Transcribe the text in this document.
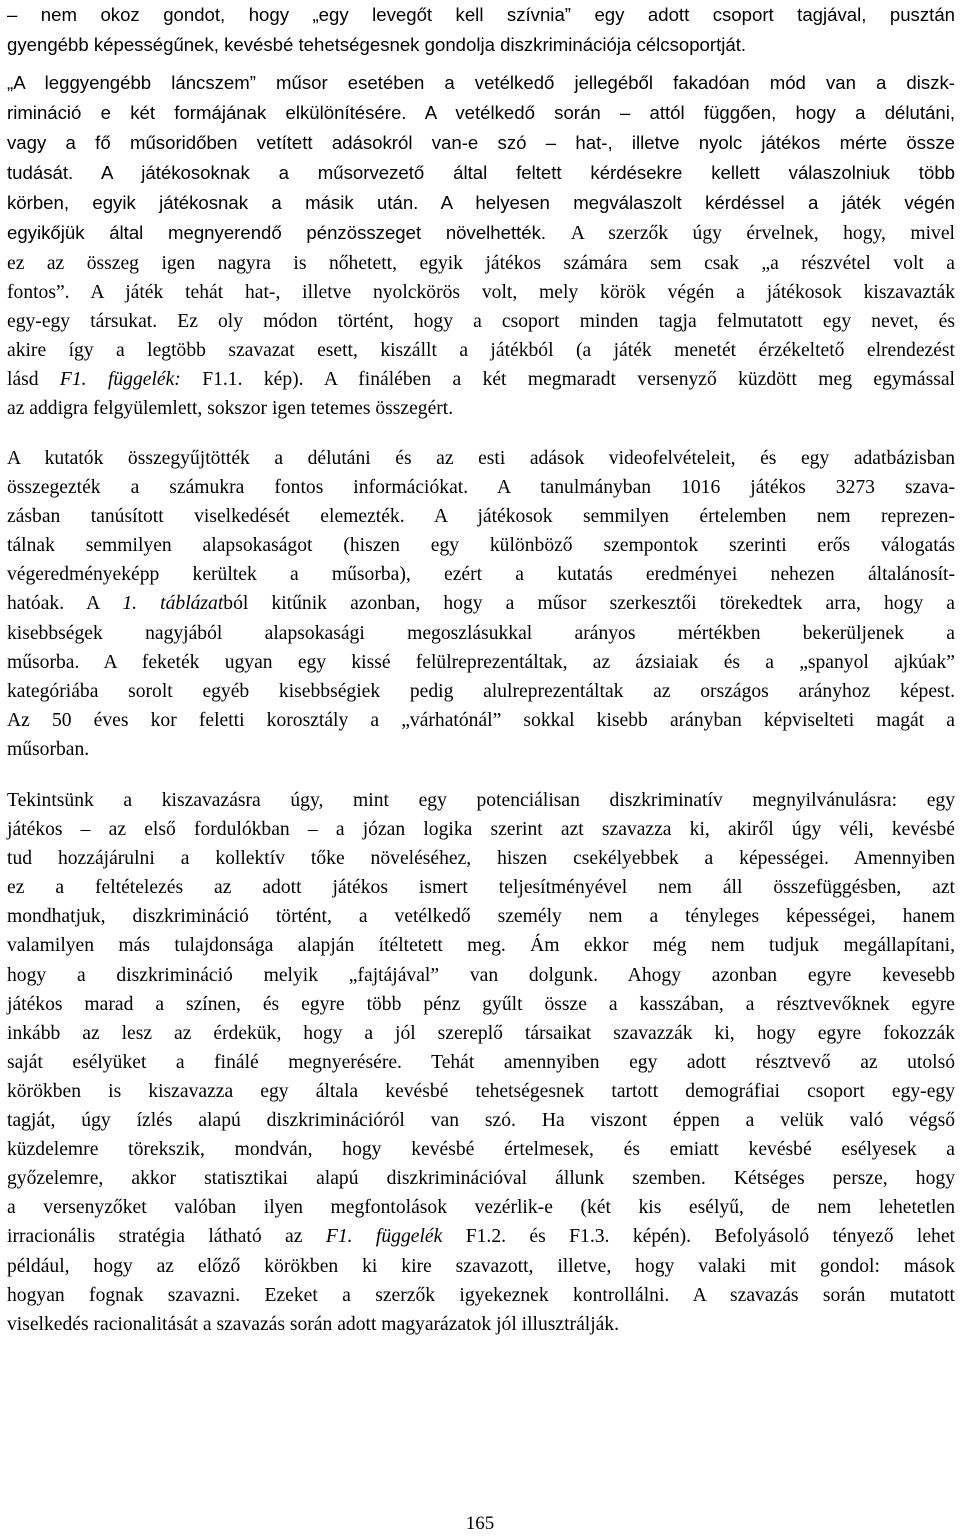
– nem okoz gondot, hogy „egy levegőt kell szívnia” egy adott csoport tagjával, pusztán
gyengébb képességűnek, kevésbé tehetségesnek gondolja diszkriminációja célcsoportját.
„A leggyengébb láncszem” műsor esetében a vetélkedő jellegéből fakadóan mód van a diszk-
rimináció e két formájának elkülönítésére. A vetélkedő során – attól függően, hogy a délutáni,
vagy a fő műsoridőben vetített adásokról van-e szó – hat-, illetve nyolc játékos mérte össze
tudását. A játékosoknak a műsorvezető által feltett kérdésekre kellett válaszolniuk több
körben, egyik játékosnak a másik után. A helyesen megválaszolt kérdéssel a játék végén
egyikőjük által megnyerendő pénzösszeget növelhették. A szerzők úgy érvelnek, hogy, mivel
ez az összeg igen nagyra is nőhetett, egyik játékos számára sem csak „a részvétel volt a
fontos”. A játék tehát hat-, illetve nyolckörös volt, mely körök végén a játékosok kiszavazták
egy-egy társukat. Ez oly módon történt, hogy a csoport minden tagja felmutatott egy nevet, és
akire így a legtöbb szavazat esett, kiszállt a játékból (a játék menetét érzékeltető elrendezést
lásd F1. függelék: F1.1. kép). A finálében a két megmaradt versenyző küzdött meg egymással
az addigra felgyülemlett, sokszor igen tetemes összegért.
A kutatók összegyűjtötték a délutáni és az esti adások videofelvételeit, és egy adatbázisban
összegezték a számukra fontos információkat. A tanulmányban 1016 játékos 3273 szava-
zásban tanúsított viselkedését elemezték. A játékosok semmilyen értelemben nem reprezen-
tálnak semmilyen alapsokaságot (hiszen egy különböző szempontok szerinti erős válogatás
végeredményeképp kerültek a műsorba), ezért a kutatás eredményei nehezen általánosít-
hatóak. A 1. táblázatból kitűnik azonban, hogy a műsor szerkesztői törekedtek arra, hogy a
kisebbségek nagyjából alapsokasági megoszlásukkal arányos mértékben bekerüljenek a
műsorba. A feketék ugyan egy kissé felülreprezentáltak, az ázsiaiak és a „spanyol ajkúak”
kategóriába sorolt egyéb kisebbségiek pedig alulreprezentáltak az országos arányhoz képest.
Az 50 éves kor feletti korosztály a „várhatónál” sokkal kisebb arányban képviselteti magát a
műsorban.
Tekintsünk a kiszavazásra úgy, mint egy potenciálisan diszkriminatív megnyilvánulásra: egy
játékos – az első fordulókban – a józan logika szerint azt szavazza ki, akiről úgy véli, kevésbé
tud hozzájárulni a kollektív tőke növeléséhez, hiszen csekélyebbek a képességei. Amennyiben
ez a feltételezés az adott játékos ismert teljesítményével nem áll összefüggésben, azt
mondhatjuk, diszkrimináció történt, a vetélkedő személy nem a tényleges képességei, hanem
valamilyen más tulajdonsága alapján ítéltetett meg. Ám ekkor még nem tudjuk megállapítani,
hogy a diszkrimináció melyik „fajtájával” van dolgunk. Ahogy azonban egyre kevesebb
játékos marad a színen, és egyre több pénz gyűlt össze a kasszában, a résztvevőknek egyre
inkább az lesz az érdekük, hogy a jól szereplő társaikat szavazzák ki, hogy egyre fokozzák
saját esélyüket a finálé megnyerésére. Tehát amennyiben egy adott résztvevő az utolsó
körökben is kiszavazza egy általa kevésbé tehetségesnek tartott demográfiai csoport egy-egy
tagját, úgy ízlés alapú diszkriminációról van szó. Ha viszont éppen a velük való végső
küzdelemre törekszik, mondván, hogy kevésbé értelmesek, és emiatt kevésbé esélyesek a
győzelemre, akkor statisztikai alapú diszkriminációval állunk szemben. Kétséges persze, hogy
a versenyzőket valóban ilyen megfontolások vezérlik-e (két kis esélyű, de nem lehetetlen
irracionális stratégia látható az F1. függelék F1.2. és F1.3. képén). Befolyásoló tényező lehet
például, hogy az előző körökben ki kire szavazott, illetve, hogy valaki mit gondol: mások
hogyan fognak szavazni. Ezeket a szerzők igyekeznek kontrollálni. A szavazás során mutatott
viselkedés racionalitását a szavazás során adott magyarázatok jól illusztrálják.
165
